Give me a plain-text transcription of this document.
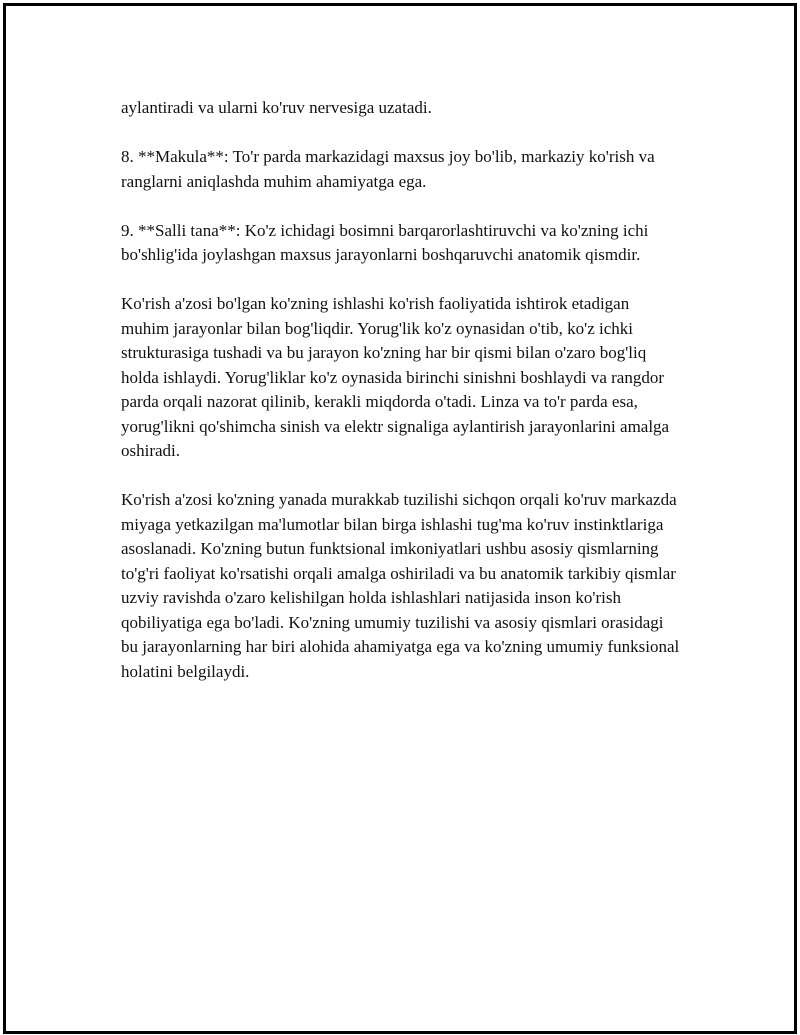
aylantiradi va ularni ko'ruv nervesiga uzatadi.

8. **Makula**: To'r parda markazidagi maxsus joy bo'lib, markaziy ko'rish va ranglarni aniqlashda muhim ahamiyatga ega.

9. **Salli tana**: Ko'z ichidagi bosimni barqarorlashtiruvchi va ko'zning ichi bo'shlig'ida joylashgan maxsus jarayonlarni boshqaruvchi anatomik qismdir.

Ko'rish a'zosi bo'lgan ko'zning ishlashi ko'rish faoliyatida ishtirok etadigan muhim jarayonlar bilan bog'liqdir. Yorug'lik ko'z oynasidan o'tib, ko'z ichki strukturasiga tushadi va bu jarayon ko'zning har bir qismi bilan o'zaro bog'liq holda ishlaydi. Yorug'liklar ko'z oynasida birinchi sinishni boshlaydi va rangdor parda orqali nazorat qilinib, kerakli miqdorda o'tadi. Linza va to'r parda esa, yorug'likni qo'shimcha sinish va elektr signaliga aylantirish jarayonlarini amalga oshiradi.

Ko'rish a'zosi ko'zning yanada murakkab tuzilishi sichqon orqali ko'ruv markazda miyaga yetkazilgan ma'lumotlar bilan birga ishlashi tug'ma ko'ruv instinktlariga asoslanadi. Ko'zning butun funktsional imkoniyatlari ushbu asosiy qismlarning to'g'ri faoliyat ko'rsatishi orqali amalga oshiriladi va bu anatomik tarkibiy qismlar uzviy ravishda o'zaro kelishilgan holda ishlashlari natijasida inson ko'rish qobiliyatiga ega bo'ladi. Ko'zning umumiy tuzilishi va asosiy qismlari orasidagi bu jarayonlarning har biri alohida ahamiyatga ega va ko'zning umumiy funksional holatini belgilaydi.
